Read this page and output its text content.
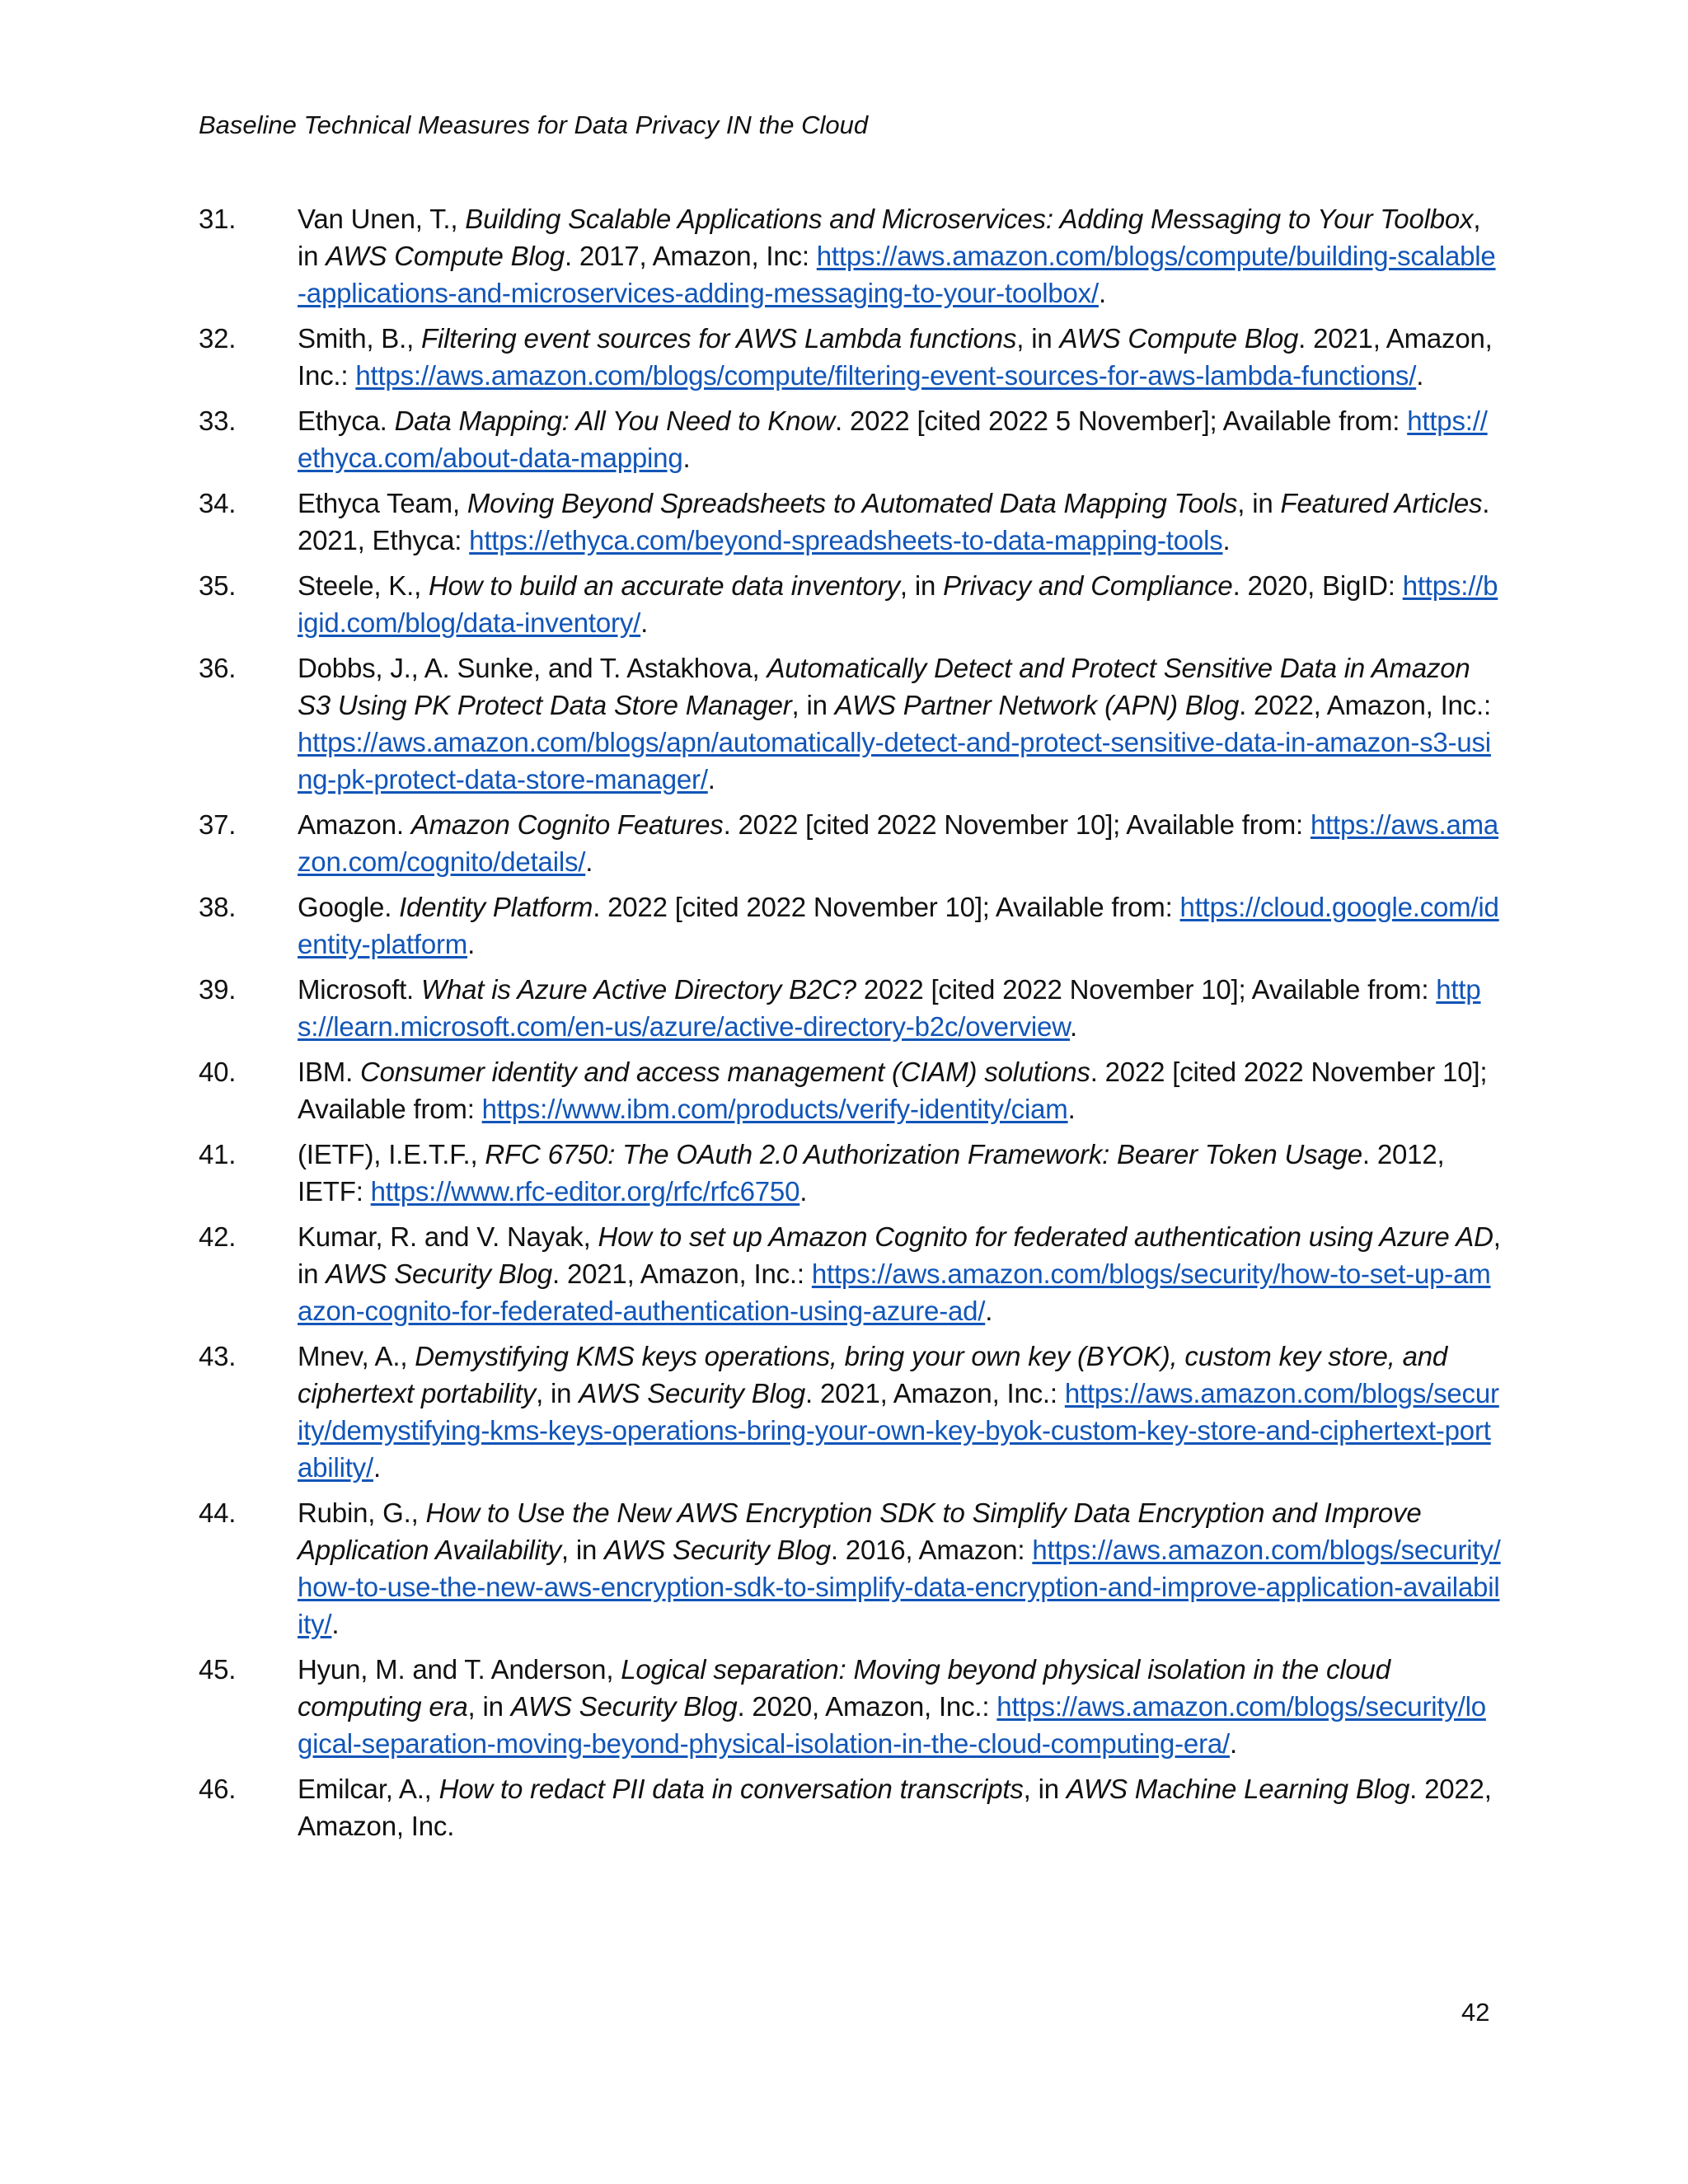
Baseline Technical Measures for Data Privacy IN the Cloud
31. Van Unen, T., Building Scalable Applications and Microservices: Adding Messaging to Your Toolbox, in AWS Compute Blog. 2017, Amazon, Inc: https://aws.amazon.com/blogs/compute/building-scalable-applications-and-microservices-adding-messaging-to-your-toolbox/.
32. Smith, B., Filtering event sources for AWS Lambda functions, in AWS Compute Blog. 2021, Amazon, Inc.: https://aws.amazon.com/blogs/compute/filtering-event-sources-for-aws-lambda-functions/.
33. Ethyca. Data Mapping: All You Need to Know. 2022 [cited 2022 5 November]; Available from: https://ethyca.com/about-data-mapping.
34. Ethyca Team, Moving Beyond Spreadsheets to Automated Data Mapping Tools, in Featured Articles. 2021, Ethyca: https://ethyca.com/beyond-spreadsheets-to-data-mapping-tools.
35. Steele, K., How to build an accurate data inventory, in Privacy and Compliance. 2020, BigID: https://bigid.com/blog/data-inventory/.
36. Dobbs, J., A. Sunke, and T. Astakhova, Automatically Detect and Protect Sensitive Data in Amazon S3 Using PK Protect Data Store Manager, in AWS Partner Network (APN) Blog. 2022, Amazon, Inc.: https://aws.amazon.com/blogs/apn/automatically-detect-and-protect-sensitive-data-in-amazon-s3-using-pk-protect-data-store-manager/.
37. Amazon. Amazon Cognito Features. 2022 [cited 2022 November 10]; Available from: https://aws.amazon.com/cognito/details/.
38. Google. Identity Platform. 2022 [cited 2022 November 10]; Available from: https://cloud.google.com/identity-platform.
39. Microsoft. What is Azure Active Directory B2C? 2022 [cited 2022 November 10]; Available from: https://learn.microsoft.com/en-us/azure/active-directory-b2c/overview.
40. IBM. Consumer identity and access management (CIAM) solutions. 2022 [cited 2022 November 10]; Available from: https://www.ibm.com/products/verify-identity/ciam.
41. (IETF), I.E.T.F., RFC 6750: The OAuth 2.0 Authorization Framework: Bearer Token Usage. 2012, IETF: https://www.rfc-editor.org/rfc/rfc6750.
42. Kumar, R. and V. Nayak, How to set up Amazon Cognito for federated authentication using Azure AD, in AWS Security Blog. 2021, Amazon, Inc.: https://aws.amazon.com/blogs/security/how-to-set-up-amazon-cognito-for-federated-authentication-using-azure-ad/.
43. Mnev, A., Demystifying KMS keys operations, bring your own key (BYOK), custom key store, and ciphertext portability, in AWS Security Blog. 2021, Amazon, Inc.: https://aws.amazon.com/blogs/security/demystifying-kms-keys-operations-bring-your-own-key-byok-custom-key-store-and-ciphertext-portability/.
44. Rubin, G., How to Use the New AWS Encryption SDK to Simplify Data Encryption and Improve Application Availability, in AWS Security Blog. 2016, Amazon: https://aws.amazon.com/blogs/security/how-to-use-the-new-aws-encryption-sdk-to-simplify-data-encryption-and-improve-application-availability/.
45. Hyun, M. and T. Anderson, Logical separation: Moving beyond physical isolation in the cloud computing era, in AWS Security Blog. 2020, Amazon, Inc.: https://aws.amazon.com/blogs/security/logical-separation-moving-beyond-physical-isolation-in-the-cloud-computing-era/.
46. Emilcar, A., How to redact PII data in conversation transcripts, in AWS Machine Learning Blog. 2022, Amazon, Inc.
42
